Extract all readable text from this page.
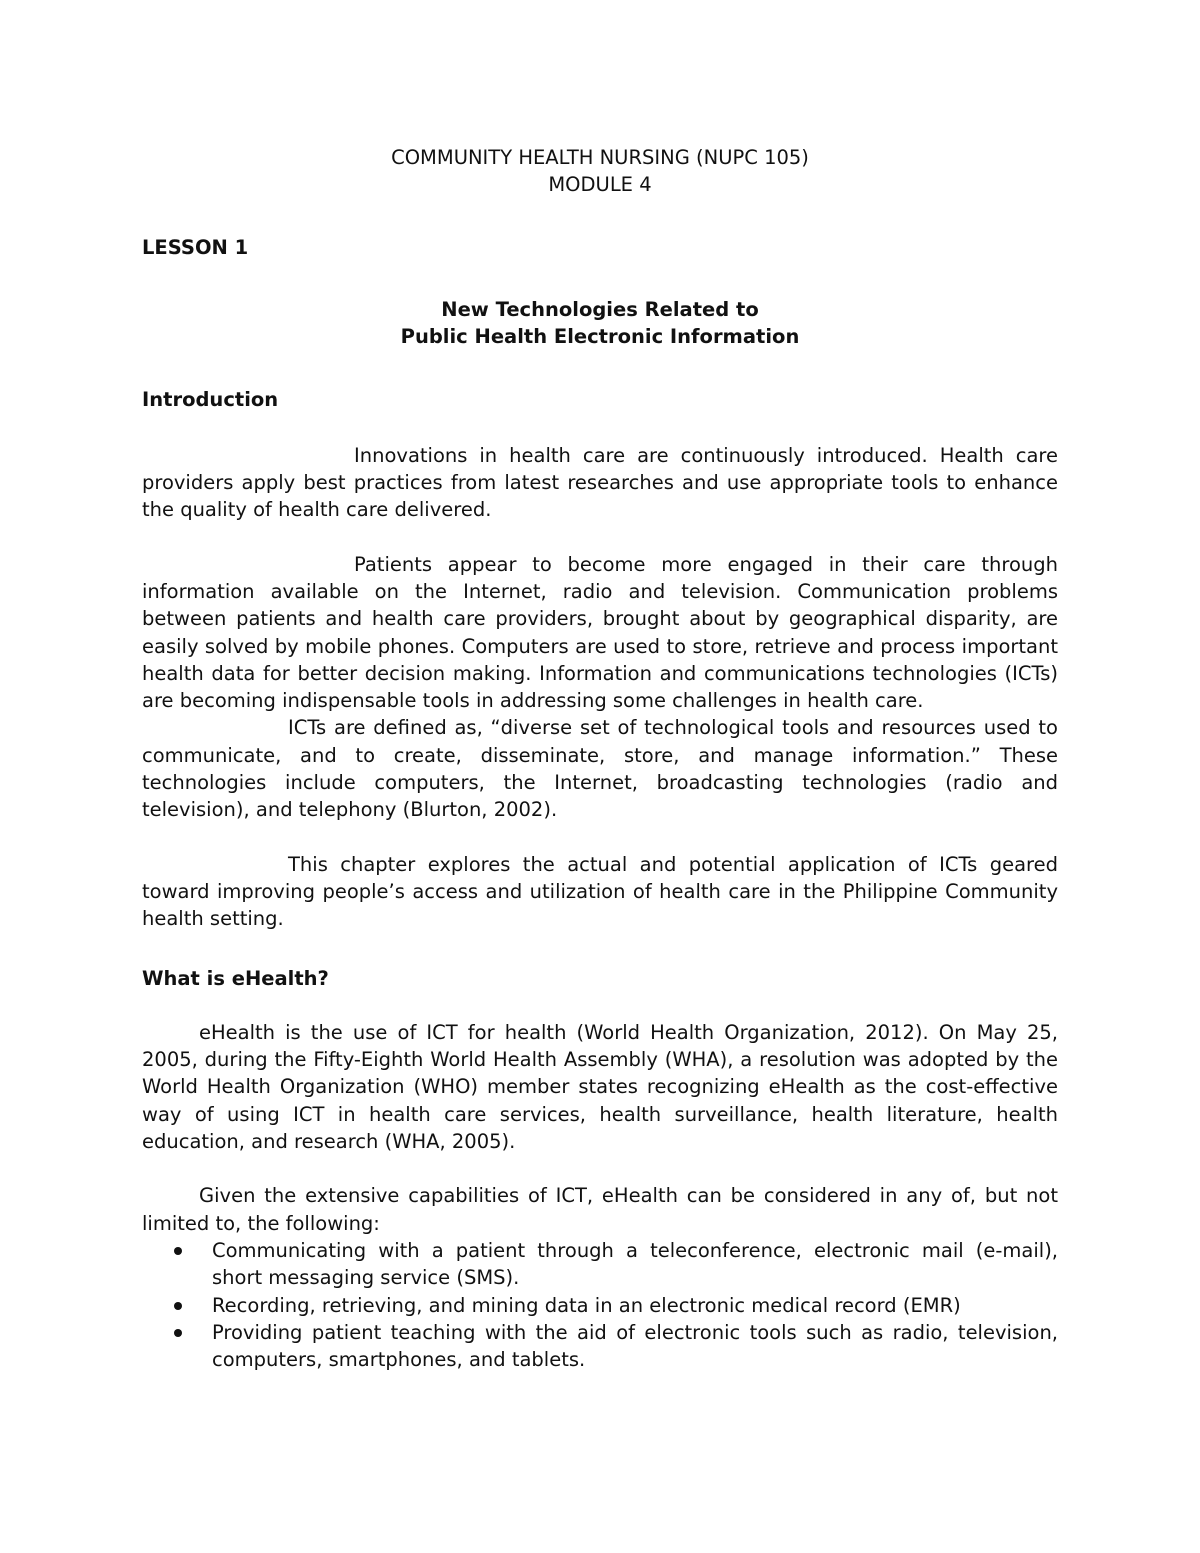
COMMUNITY HEALTH NURSING (NUPC 105)

MODULE 4

LESSON 1

New Technologies Related to

Public Health Electronic Information

Introduction

Innovations in health care are continuously introduced. Health care providers apply best practices from latest researches and use appropriate tools to enhance the quality of health care delivered.

Patients appear to become more engaged in their care through information available on the Internet, radio and television. Communication problems between patients and health care providers, brought about by geographical disparity, are easily solved by mobile phones. Computers are used to store, retrieve and process important health data for better decision making. Information and communications technologies (ICTs) are becoming indispensable tools in addressing some challenges in health care.

ICTs are defined as, “diverse set of technological tools and resources used to communicate, and to create, disseminate, store, and manage information.” These technologies include computers, the Internet, broadcasting technologies (radio and television), and telephony (Blurton, 2002).

This chapter explores the actual and potential application of ICTs geared toward improving people’s access and utilization of health care in the Philippine Community health setting.

What is eHealth?

eHealth is the use of ICT for health (World Health Organization, 2012). On May 25, 2005, during the Fifty-Eighth World Health Assembly (WHA), a resolution was adopted by the World Health Organization (WHO) member states recognizing eHealth as the cost-effective way of using ICT in health care services, health surveillance, health literature, health education, and research (WHA, 2005).

Given the extensive capabilities of ICT, eHealth can be considered in any of, but not limited to, the following:

Communicating with a patient through a teleconference, electronic mail (e-mail), short messaging service (SMS).
Recording, retrieving, and mining data in an electronic medical record (EMR)
Providing patient teaching with the aid of electronic tools such as radio, television, computers, smartphones, and tablets.
